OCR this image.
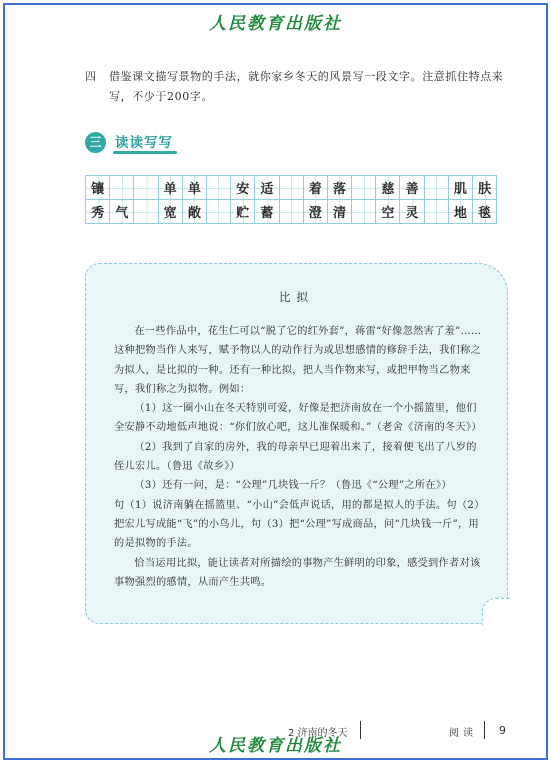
人民教育出版社
四 借鉴课文描写景物的手法，就你家乡冬天的风景写一段文字。注意抓住特点来写，不少于200字。
三	读读写写
镶			单	单		安	适		着	落		慈	善		肌	肤
秀	气		宽	敞		贮	蓄		澄	清		空	灵		地	毯
比拟

在一些作品中，花生仁可以“脱了它的红外套”，蒋雷“好像忽然害了羞”……这种把物当作人来写，赋予物以人的动作行为或思想感情的修辞手法，我们称之为拟人，是比拟的一种。还有一种比拟，把人当作物来写，或把甲物当乙物来写，我们称之为拟物。例如：

（1）这一圈小山在冬天特别可爱，好像是把济南放在一个小摇篮里，他们全安静不动地低声地说：“你们放心吧，这儿准保暖和。”（老舍《济南的冬天》）

（2）我到了自家的房外，我的母亲早已迎着出来了，接着便飞出了八岁的侄儿宏儿。（鲁迅《故乡》）

（3）还有一问，是：“公理”几块钱一斤？（鲁迅《“公理”之所在》）

句（1）说济南躺在摇篮里、“小山”会低声说话，用的都是拟人的手法。句（2）把宏儿写成能“飞”的小鸟儿，句（3）把“公理”写成商品，问“几块钱一斤”，用的是拟物的手法。

恰当运用比拟，能让读者对所描绘的事物产生鲜明的印象，感受到作者对该事物强烈的感情，从而产生共鸣。

2 济南的冬天	阅读 9
人民教育出版社
